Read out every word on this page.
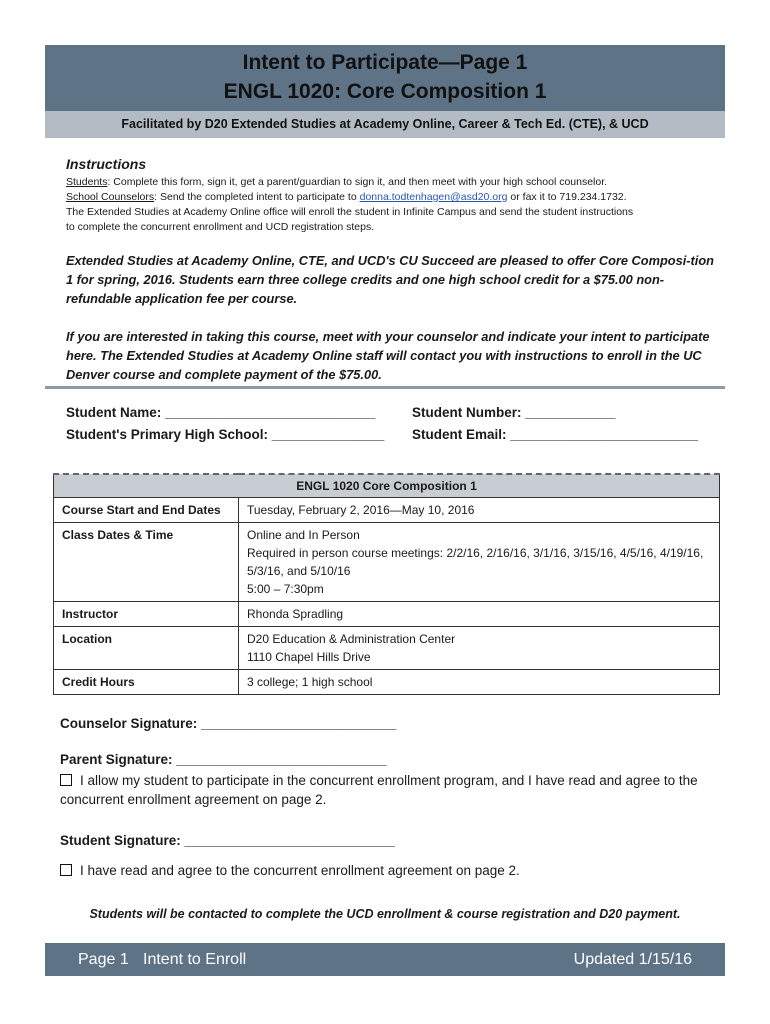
Intent to Participate—Page 1
ENGL 1020: Core Composition 1
Facilitated by D20 Extended Studies at Academy Online, Career & Tech Ed. (CTE), & UCD
Instructions
Students: Complete this form, sign it, get a parent/guardian to sign it, and then meet with your high school counselor.
School Counselors: Send the completed intent to participate to donna.todtenhagen@asd20.org or fax it to 719.234.1732.
The Extended Studies at Academy Online office will enroll the student in Infinite Campus and send the student instructions
to complete the concurrent enrollment and UCD registration steps.
Extended Studies at Academy Online, CTE, and UCD's CU Succeed are pleased to offer Core Composi-tion 1 for spring, 2016. Students earn three college credits and one high school credit for a $75.00 non-refundable application fee per course.
If you are interested in taking this course, meet with your counselor and indicate your intent to participate here. The Extended Studies at Academy Online staff will contact you with instructions to enroll in the UC Denver course and complete payment of the $75.00.
Student Name: ____________________________	Student Number: ____________
Student's Primary High School: _______________ Student Email: _________________________
ENGL 1020 Core Composition 1	
Course Start and End Dates	Tuesday, February 2, 2016—May 10, 2016
Class Dates & Time	Online and In Person
Required in person course meetings: 2/2/16, 2/16/16, 3/1/16, 3/15/16, 4/5/16, 4/19/16, 5/3/16, and 5/10/16
5:00 – 7:30pm

Instructor	Rhonda Spradling
Location	D20 Education & Administration Center
1110 Chapel Hills Drive

Credit Hours	3 college; 1 high school
Counselor Signature: __________________________
Parent Signature: ____________________________
I allow my student to participate in the concurrent enrollment program, and I have read and agree to the concurrent enrollment agreement on page 2.
Student Signature: ____________________________
I have read and agree to the concurrent enrollment agreement on page 2.
Students will be contacted to complete the UCD enrollment & course registration and D20 payment.
Page 1 Intent to Enroll	Updated 1/15/16
